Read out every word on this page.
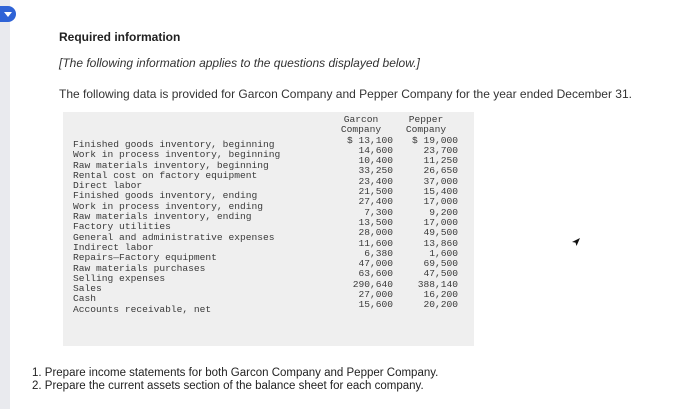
Required information
[The following information applies to the questions displayed below.]
The following data is provided for Garcon Company and Pepper Company for the year ended December 31.
Finished goods inventory, beginning
Work in process inventory, beginning
Raw materials inventory, beginning
Rental cost on factory equipment
Direct labor
Finished goods inventory, ending
Work in process inventory, ending
Raw materials inventory, ending
Factory utilities
General and administrative expenses
Indirect labor
Repairs—Factory equipment
Raw materials purchases
Selling expenses
Sales
Cash
Accounts receivable, net
Garcon
Company
$ 13,100
14,600
10,400
33,250
23,400
21,500
27,400
7,300
13,500
28,000
11,600
6,380
47,000
63,600
290,640
27,000
15,600
Pepper
Company
$ 19,000
23,700
11,250
26,650
37,000
15,400
17,000
9,200
17,000
49,500
13,860
1,600
69,500
47,500
388,140
16,200
20,200
1. Prepare income statements for both Garcon Company and Pepper Company.
2. Prepare the current assets section of the balance sheet for each company.
